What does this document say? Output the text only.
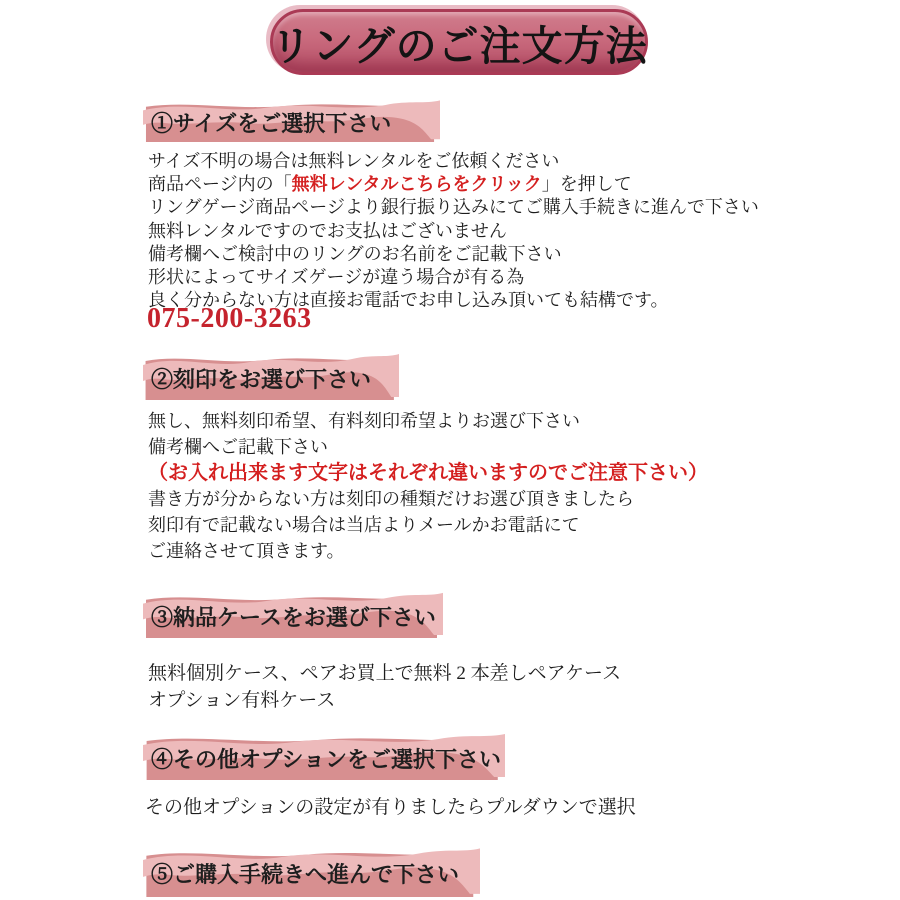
リングのご注文方法
①サイズをご選択下さい
サイズ不明の場合は無料レンタルをご依頼ください
商品ページ内の「無料レンタルこちらをクリック」を押して
リングゲージ商品ページより銀行振り込みにてご購入手続きに進んで下さい
無料レンタルですのでお支払はございません
備考欄へご検討中のリングのお名前をご記載下さい
形状によってサイズゲージが違う場合が有る為
良く分からない方は直接お電話でお申し込み頂いても結構です。
075-200-3263
②刻印をお選び下さい
無し、無料刻印希望、有料刻印希望よりお選び下さい
備考欄へご記載下さい
（お入れ出来ます文字はそれぞれ違いますのでご注意下さい）
書き方が分からない方は刻印の種類だけお選び頂きましたら
刻印有で記載ない場合は当店よりメールかお電話にて
ご連絡させて頂きます。
③納品ケースをお選び下さい
無料個別ケース、ペアお買上で無料 2 本差しペアケース
オプション有料ケース
④その他オプションをご選択下さい
その他オプションの設定が有りましたらプルダウンで選択
⑤ご購入手続きへ進んで下さい
